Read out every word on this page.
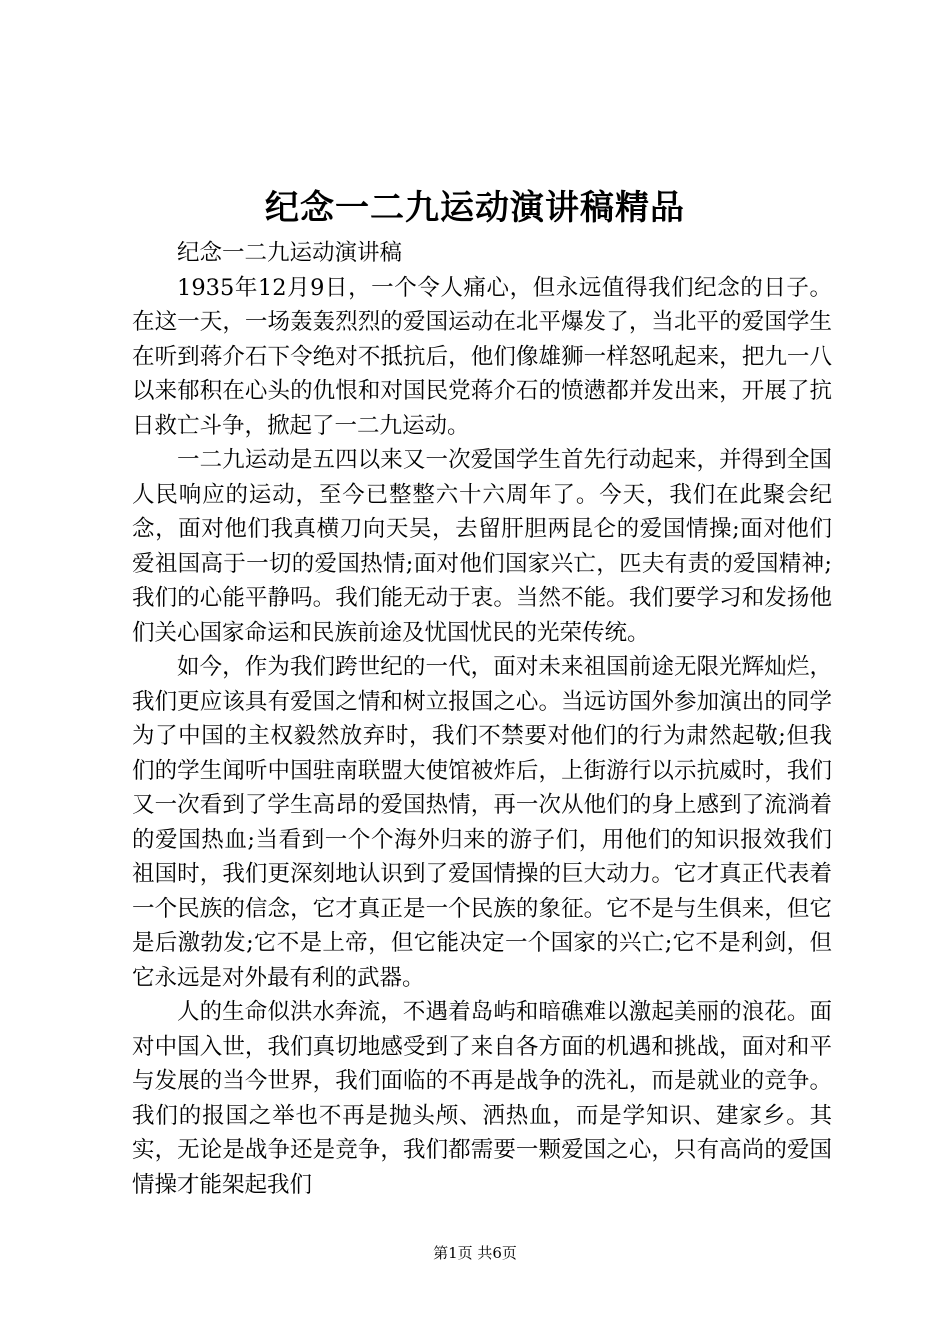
纪念一二九运动演讲稿精品

纪念一二九运动演讲稿

1935年12月9日，一个令人痛心，但永远值得我们纪念的日子。在这一天，一场轰轰烈烈的爱国运动在北平爆发了，当北平的爱国学生在听到蒋介石下令绝对不抵抗后，他们像雄狮一样怒吼起来，把九一八以来郁积在心头的仇恨和对国民党蒋介石的愤懑都并发出来，开展了抗日救亡斗争，掀起了一二九运动。

一二九运动是五四以来又一次爱国学生首先行动起来，并得到全国人民响应的运动，至今已整整六十六周年了。今天，我们在此聚会纪念，面对他们我真横刀向天吴，去留肝胆两昆仑的爱国情操;面对他们爱祖国高于一切的爱国热情;面对他们国家兴亡，匹夫有责的爱国精神;我们的心能平静吗。我们能无动于衷。当然不能。我们要学习和发扬他们关心国家命运和民族前途及忧国忧民的光荣传统。

如今，作为我们跨世纪的一代，面对未来祖国前途无限光辉灿烂，我们更应该具有爱国之情和树立报国之心。当远访国外参加演出的同学为了中国的主权毅然放弃时，我们不禁要对他们的行为肃然起敬;但我们的学生闻听中国驻南联盟大使馆被炸后，上街游行以示抗威时，我们又一次看到了学生高昂的爱国热情，再一次从他们的身上感到了流淌着的爱国热血;当看到一个个海外归来的游子们，用他们的知识报效我们祖国时，我们更深刻地认识到了爱国情操的巨大动力。它才真正代表着一个民族的信念，它才真正是一个民族的象征。它不是与生俱来，但它是后激勃发;它不是上帝，但它能决定一个国家的兴亡;它不是利剑，但它永远是对外最有利的武器。

人的生命似洪水奔流，不遇着岛屿和暗礁难以激起美丽的浪花。面对中国入世，我们真切地感受到了来自各方面的机遇和挑战，面对和平与发展的当今世界，我们面临的不再是战争的洗礼，而是就业的竞争。我们的报国之举也不再是抛头颅、洒热血，而是学知识、建家乡。其实，无论是战争还是竞争，我们都需要一颗爱国之心，只有高尚的爱国情操才能架起我们

第1页 共6页
